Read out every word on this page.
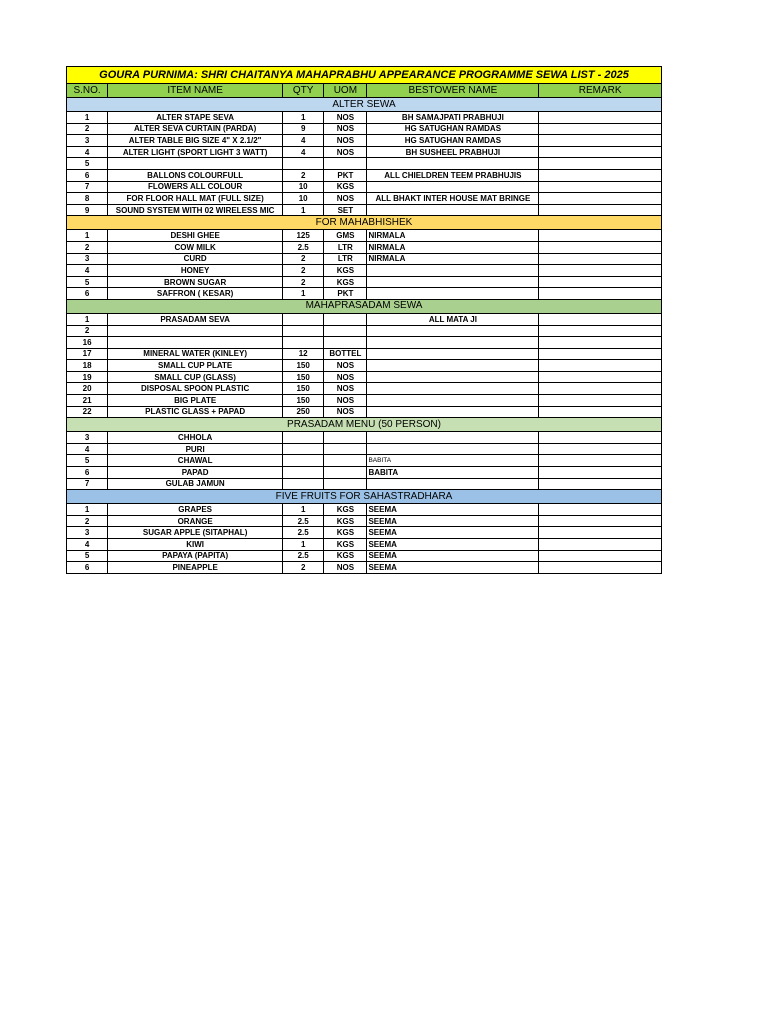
GOURA PURNIMA: SHRI CHAITANYA MAHAPRABHU APPEARANCE PROGRAMME SEWA LIST - 2025					
S.NO.	ITEM NAME	QTY	UOM	BESTOWER NAME	REMARK
ALTER SEWA					
1	ALTER STAPE SEVA	1	NOS	BH SAMAJPATI PRABHUJI	
2	ALTER SEVA CURTAIN (PARDA)	9	NOS	HG SATUGHAN RAMDAS	
3	ALTER TABLE BIG SIZE 4" X 2.1/2"	4	NOS	HG SATUGHAN RAMDAS	
4	ALTER LIGHT (SPORT LIGHT 3 WATT)	4	NOS	BH SUSHEEL PRABHUJI	
5					
6	BALLONS COLOURFULL	2	PKT	ALL CHIELDREN TEEM PRABHUJIS	
7	FLOWERS ALL COLOUR	10	KGS		
8	FOR FLOOR HALL MAT (FULL SIZE)	10	NOS	ALL BHAKT INTER HOUSE MAT BRINGE	
9	SOUND SYSTEM WITH 02 WIRELESS MIC	1	SET		
FOR MAHABHISHEK					
1	DESHI GHEE	125	GMS	NIRMALA	
2	COW MILK	2.5	LTR	NIRMALA	
3	CURD	2	LTR	NIRMALA	
4	HONEY	2	KGS		
5	BROWN SUGAR	2	KGS		
6	SAFFRON ( KESAR)	1	PKT		
MAHAPRASADAM SEWA					
1	PRASADAM SEVA			ALL MATA JI	
2					
16					
17	MINERAL WATER (KINLEY)	12	BOTTEL		
18	SMALL CUP PLATE	150	NOS		
19	SMALL CUP (GLASS)	150	NOS		
20	DISPOSAL SPOON PLASTIC	150	NOS		
21	BIG PLATE	150	NOS		
22	PLASTIC GLASS + PAPAD	250	NOS		
PRASADAM MENU (50 PERSON)					
3	CHHOLA				
4	PURI				
5	CHAWAL			BABITA	
6	PAPAD			BABITA	
7	GULAB JAMUN				
FIVE FRUITS FOR SAHASTRADHARA					
1	GRAPES	1	KGS	SEEMA	
2	ORANGE	2.5	KGS	SEEMA	
3	SUGAR APPLE (SITAPHAL)	2.5	KGS	SEEMA	
4	KIWI	1	KGS	SEEMA	
5	PAPAYA (PAPITA)	2.5	KGS	SEEMA	
6	PINEAPPLE	2	NOS	SEEMA	
